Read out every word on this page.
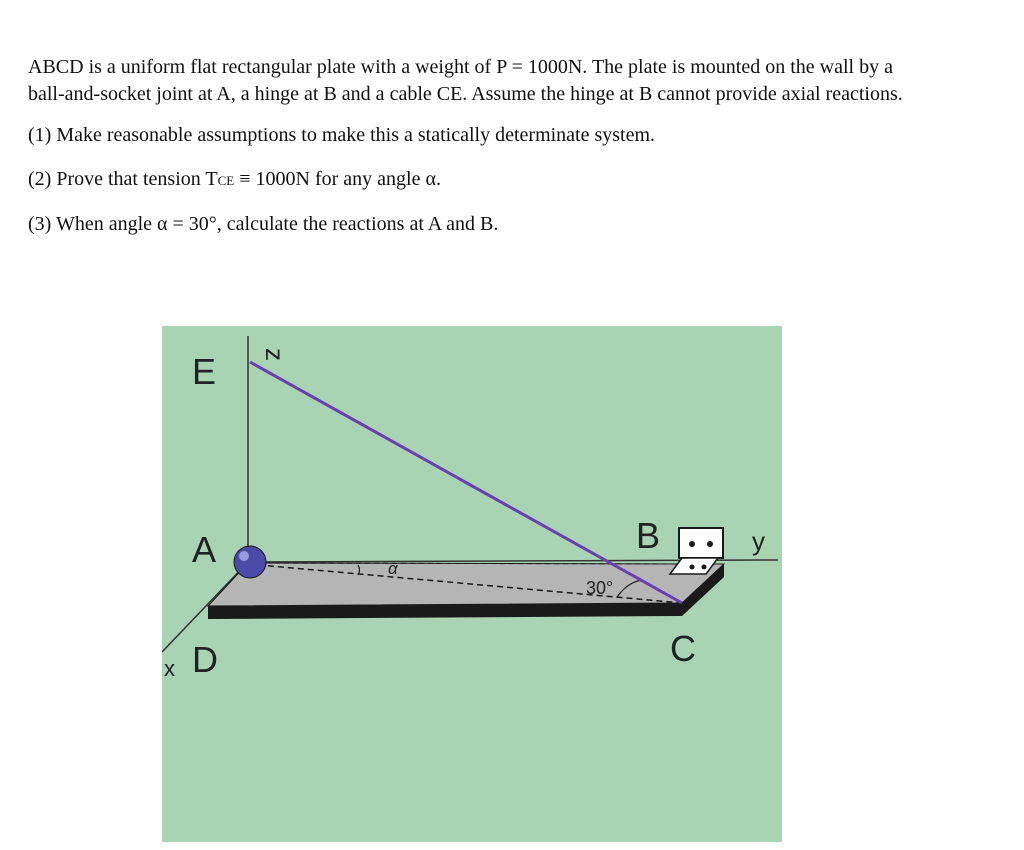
ABCD is a uniform flat rectangular plate with a weight of P = 1000N. The plate is mounted on the wall by a ball-and-socket joint at A, a hinge at B and a cable CE. Assume the hinge at B cannot provide axial reactions.

(1) Make reasonable assumptions to make this a statically determinate system.

(2) Prove that tension TCE ≡ 1000N for any angle α.

(3) When angle α = 30°, calculate the reactions at A and B.

z
E
A	B	y
C
D
x
α
30°
